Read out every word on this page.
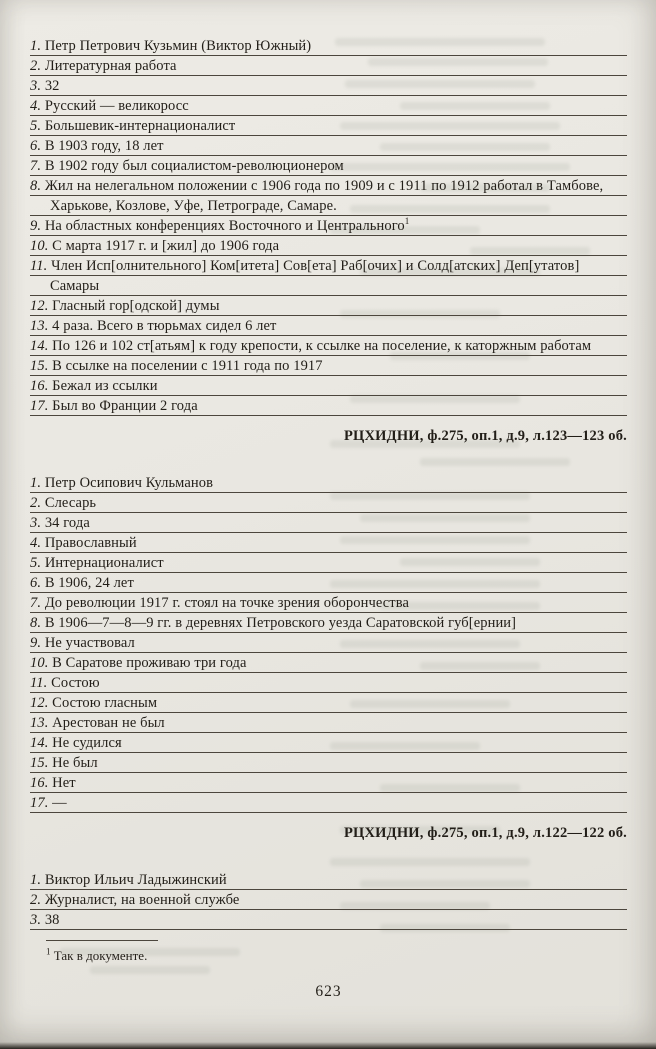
1. Петр Петрович Кузьмин (Виктор Южный)
2. Литературная работа
3. 32
4. Русский — великоросс
5. Большевик-интернационалист
6. В 1903 году, 18 лет
7. В 1902 году был социалистом-революционером
8. Жил на нелегальном положении с 1906 года по 1909 и с 1911 по 1912 работал в Тамбове, Харькове, Козлове, Уфе, Петрограде, Самаре.
9. На областных конференциях Восточного и Центрального$^1$
10. С марта 1917 г. и [жил] до 1906 года
11. Член Исп[олнительного] Ком[итета] Сов[ета] Раб[очих] и Солд[атских] Деп[утатов] Самары
12. Гласный гор[одской] думы
13. 4 раза. Всего в тюрьмах сидел 6 лет
14. По 126 и 102 ст[атьям] к году крепости, к ссылке на поселение, к каторжным работам
15. В ссылке на поселении с 1911 года по 1917
16. Бежал из ссылки
17. Был во Франции 2 года
РЦХИДНИ, ф.275, оп.1, д.9, л.123—123 об.
1. Петр Осипович Кульманов
2. Слесарь
3. 34 года
4. Православный
5. Интернационалист
6. В 1906, 24 лет
7. До революции 1917 г. стоял на точке зрения оборончества
8. В 1906—7—8—9 гг. в деревнях Петровского уезда Саратовской губ[ернии]
9. Не участвовал
10. В Саратове проживаю три года
11. Состою
12. Состою гласным
13. Арестован не был
14. Не судился
15. Не был
16. Нет
17. —
РЦХИДНИ, ф.275, оп.1, д.9, л.122—122 об.
1. Виктор Ильич Ладыжинский
2. Журналист, на военной службе
3. 38
$^1$ Так в документе.
623
